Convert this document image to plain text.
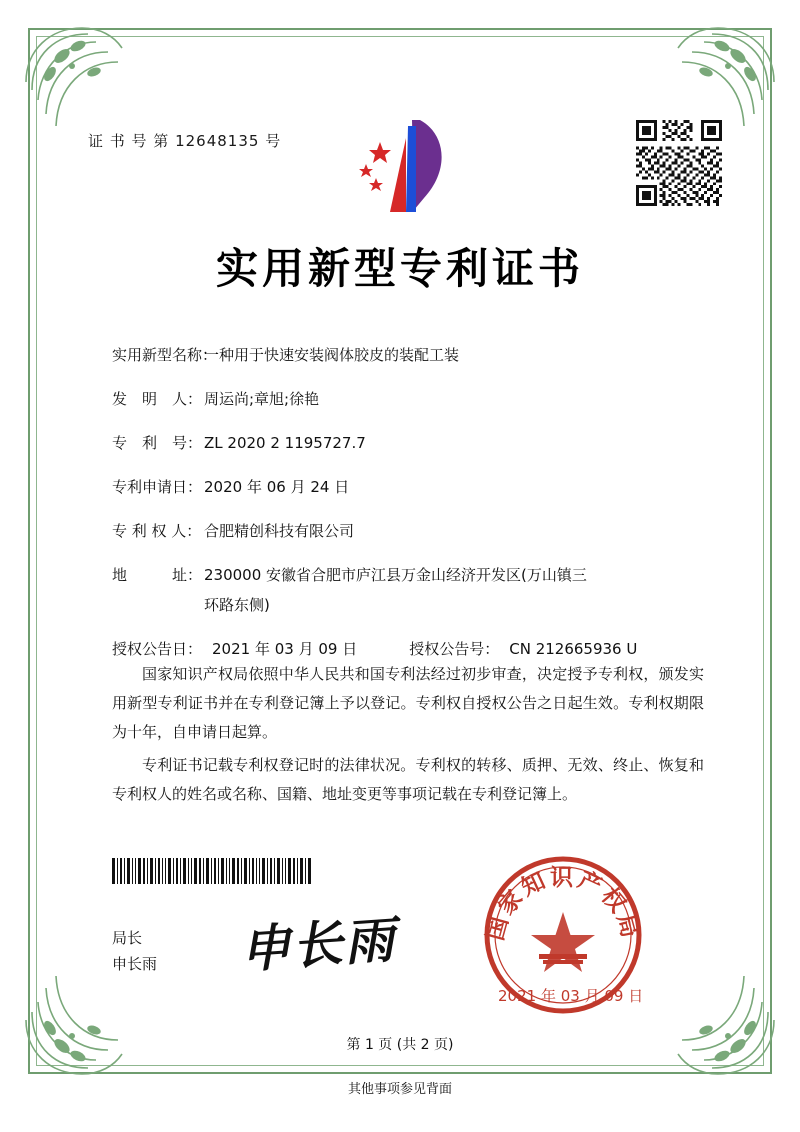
证 书 号 第 12648135 号
实用新型专利证书
实用新型名称：
一种用于快速安装阀体胶皮的装配工装
发　明　人： 周运尚;章旭;徐艳
专　利　号： ZL 2020 2 1195727.7
专利申请日： 2020 年 06 月 24 日
专 利 权 人： 合肥精创科技有限公司
地　　　址： 230000 安徽省合肥市庐江县万金山经济开发区(万山镇三
环路东侧)
授权公告日： 2021 年 03 月 09 日	授权公告号： CN 212665936 U

国家知识产权局依照中华人民共和国专利法经过初步审查，决定授予专利权，颁发实用新型专利证书并在专利登记簿上予以登记。专利权自授权公告之日起生效。专利权期限为十年，自申请日起算。

专利证书记载专利权登记时的法律状况。专利权的转移、质押、无效、终止、恢复和专利权人的姓名或名称、国籍、地址变更等事项记载在专利登记簿上。

局长
申长雨 申长雨	国家知识产权局
2021 年 03 月 09 日
第 1 页 (共 2 页)
其他事项参见背面
